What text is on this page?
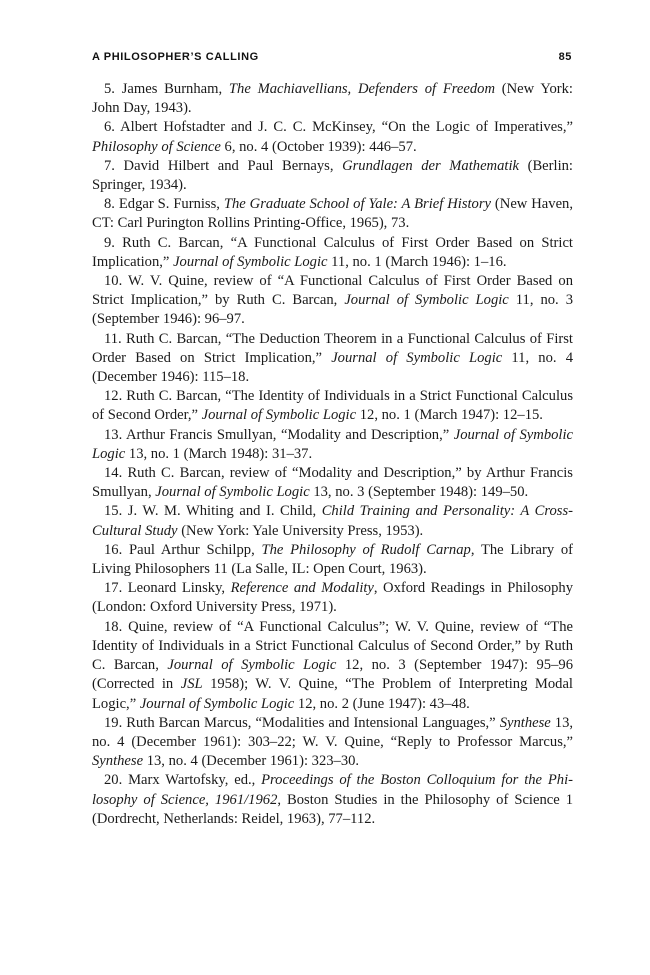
A PHILOSOPHER’S CALLING	85

5. James Burnham, The Machiavellians, Defenders of Freedom (New York: John Day, 1943).

6. Albert Hofstadter and J. C. C. McKinsey, “On the Logic of Imperatives,” Philosophy of Science 6, no. 4 (October 1939): 446–57.

7. David Hilbert and Paul Bernays, Grundlagen der Mathematik (Berlin: Springer, 1934).

8. Edgar S. Furniss, The Graduate School of Yale: A Brief History (New Haven, CT: Carl Purington Rollins Printing-Office, 1965), 73.

9. Ruth C. Barcan, “A Functional Calculus of First Order Based on Strict Implication,” Journal of Symbolic Logic 11, no. 1 (March 1946): 1–16.

10. W. V. Quine, review of “A Functional Calculus of First Order Based on Strict Implication,” by Ruth C. Barcan, Journal of Symbolic Logic 11, no. 3 (September 1946): 96–97.

11. Ruth C. Barcan, “The Deduction Theorem in a Functional Calculus of First Order Based on Strict Implication,” Journal of Symbolic Logic 11, no. 4 (December 1946): 115–18.

12. Ruth C. Barcan, “The Identity of Individuals in a Strict Functional Calculus of Second Order,” Journal of Symbolic Logic 12, no. 1 (March 1947): 12–15.

13. Arthur Francis Smullyan, “Modality and Description,” Journal of Symbolic Logic 13, no. 1 (March 1948): 31–37.

14. Ruth C. Barcan, review of “Modality and Description,” by Arthur Francis Smullyan, Journal of Symbolic Logic 13, no. 3 (September 1948): 149–50.

15. J. W. M. Whiting and I. Child, Child Training and Personality: A Cross-Cultural Study (New York: Yale University Press, 1953).

16. Paul Arthur Schilpp, The Philosophy of Rudolf Carnap, The Library of Living Philosophers 11 (La Salle, IL: Open Court, 1963).

17. Leonard Linsky, Reference and Modality, Oxford Readings in Philosophy (London: Oxford University Press, 1971).

18. Quine, review of “A Functional Calculus”; W. V. Quine, review of “The Identity of Individuals in a Strict Functional Calculus of Second Order,” by Ruth C. Barcan, Journal of Symbolic Logic 12, no. 3 (September 1947): 95–96 (Corrected in JSL 1958); W. V. Quine, “The Problem of Interpreting Modal Logic,” Journal of Symbolic Logic 12, no. 2 (June 1947): 43–48.

19. Ruth Barcan Marcus, “Modalities and Intensional Languages,” Synthese 13, no. 4 (December 1961): 303–22; W. V. Quine, “Reply to Professor Marcus,” Synthese 13, no. 4 (December 1961): 323–30.

20. Marx Wartofsky, ed., Proceedings of the Boston Colloquium for the Philosophy of Science, 1961/1962, Boston Studies in the Philosophy of Science 1 (Dordrecht, Netherlands: Reidel, 1963), 77–112.
